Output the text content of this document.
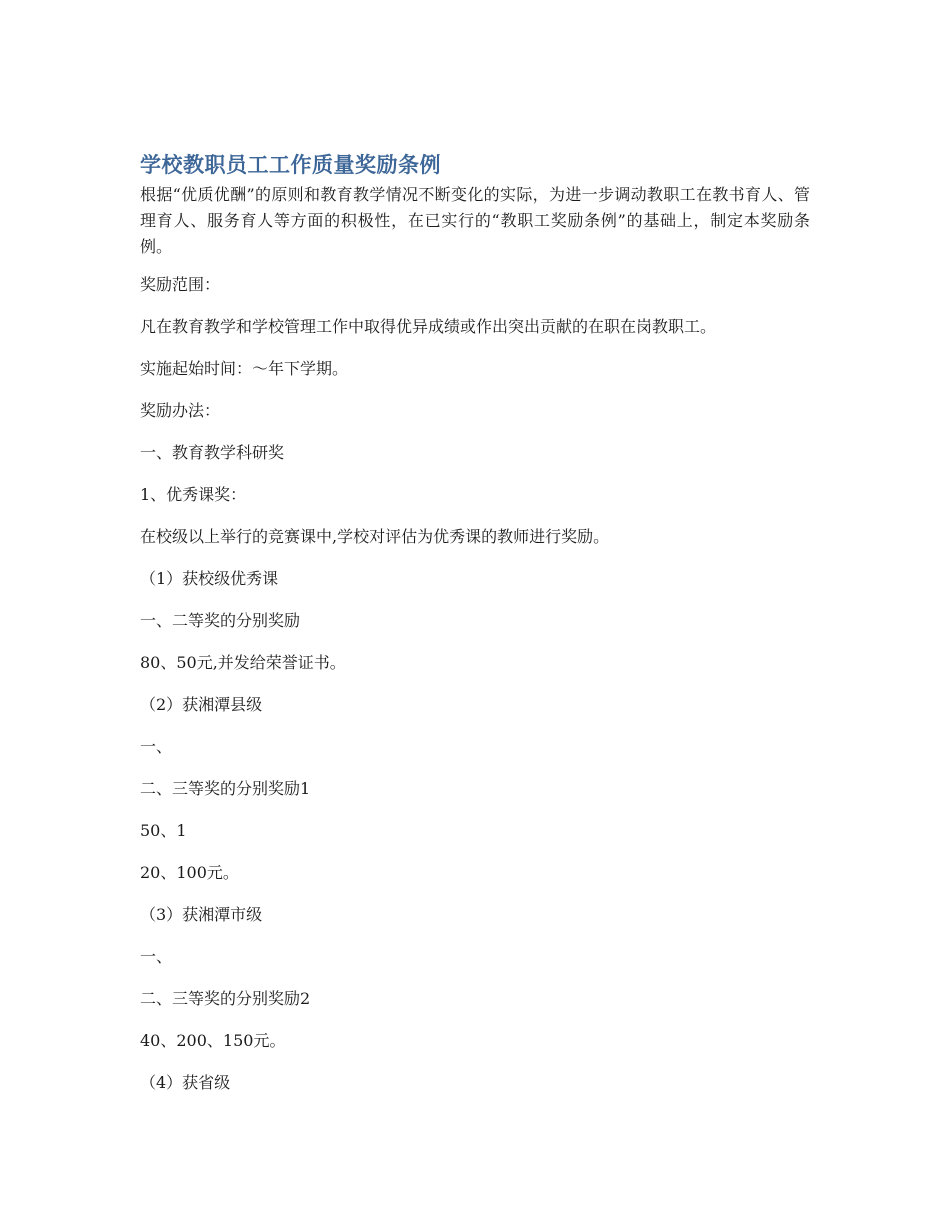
学校教职员工工作质量奖励条例

根据“优质优酬”的原则和教育教学情况不断变化的实际，为进一步调动教职工在教书育人、管理育人、服务育人等方面的积极性，在已实行的“教职工奖励条例”的基础上，制定本奖励条例。

奖励范围：

凡在教育教学和学校管理工作中取得优异成绩或作出突出贡献的在职在岗教职工。

实施起始时间：～年下学期。

奖励办法：

一、教育教学科研奖

1、优秀课奖：

在校级以上举行的竞赛课中,学校对评估为优秀课的教师进行奖励。

（1）获校级优秀课

一、二等奖的分别奖励

80、50元,并发给荣誉证书。

（2）获湘潭县级

一、

二、三等奖的分别奖励1

50、1

20、100元。

（3）获湘潭市级

一、

二、三等奖的分别奖励2

40、200、150元。

（4）获省级
